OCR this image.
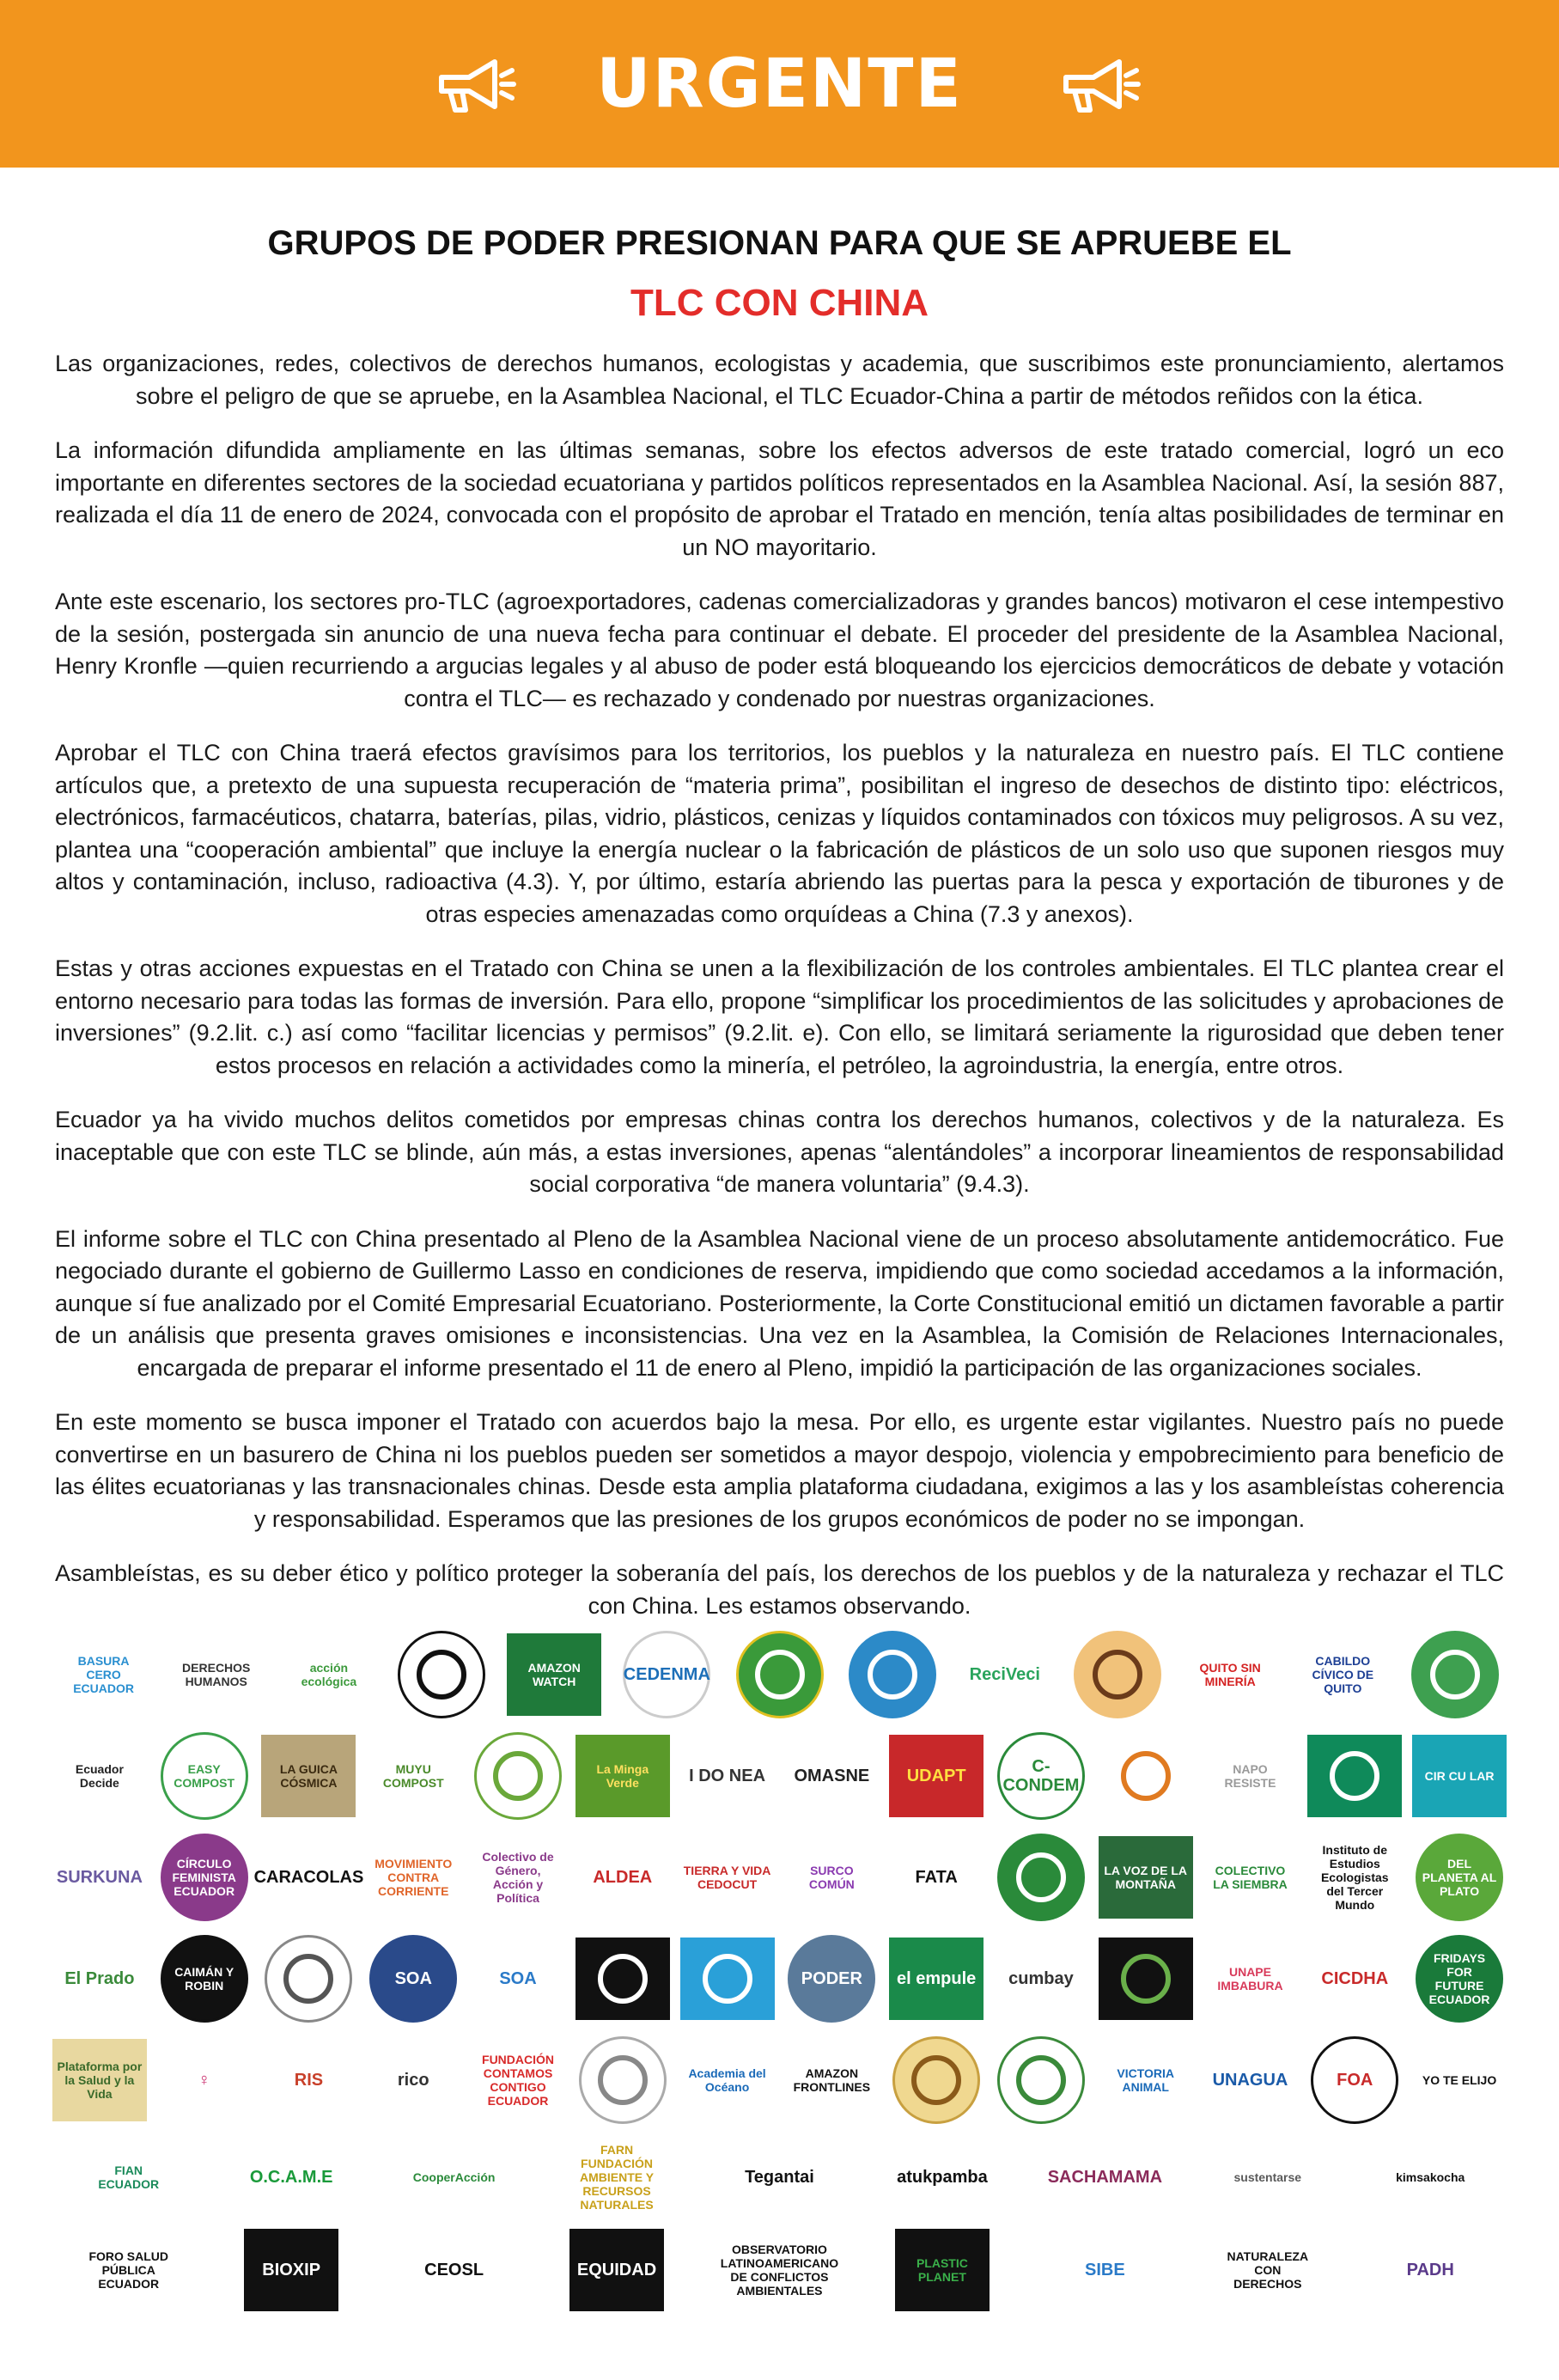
URGENTE
GRUPOS DE PODER PRESIONAN PARA QUE SE APRUEBE EL
TLC CON CHINA

Las organizaciones, redes, colectivos de derechos humanos, ecologistas y academia, que suscribimos este pronunciamiento, alertamos sobre el peligro de que se apruebe, en la Asamblea Nacional, el TLC Ecuador-China a partir de métodos reñidos con la ética.

La información difundida ampliamente en las últimas semanas, sobre los efectos adversos de este tratado comercial, logró un eco importante en diferentes sectores de la sociedad ecuatoriana y partidos políticos representados en la Asamblea Nacional. Así, la sesión 887, realizada el día 11 de enero de 2024, convocada con el propósito de aprobar el Tratado en mención, tenía altas posibilidades de terminar en un NO mayoritario.

Ante este escenario, los sectores pro-TLC (agroexportadores, cadenas comercializadoras y grandes bancos) motivaron el cese intempestivo de la sesión, postergada sin anuncio de una nueva fecha para continuar el debate. El proceder del presidente de la Asamblea Nacional, Henry Kronfle —quien recurriendo a argucias legales y al abuso de poder está bloqueando los ejercicios democráticos de debate y votación contra el TLC— es rechazado y condenado por nuestras organizaciones.

Aprobar el TLC con China traerá efectos gravísimos para los territorios, los pueblos y la naturaleza en nuestro país. El TLC contiene artículos que, a pretexto de una supuesta recuperación de “materia prima”, posibilitan el ingreso de desechos de distinto tipo: eléctricos, electrónicos, farmacéuticos, chatarra, baterías, pilas, vidrio, plásticos, cenizas y líquidos contaminados con tóxicos muy peligrosos. A su vez, plantea una “cooperación ambiental” que incluye la energía nuclear o la fabricación de plásticos de un solo uso que suponen riesgos muy altos y contaminación, incluso, radioactiva (4.3). Y, por último, estaría abriendo las puertas para la pesca y exportación de tiburones y de otras especies amenazadas como orquídeas a China (7.3 y anexos).

Estas y otras acciones expuestas en el Tratado con China se unen a la flexibilización de los controles ambientales. El TLC plantea crear el entorno necesario para todas las formas de inversión. Para ello, propone “simplificar los procedimientos de las solicitudes y aprobaciones de inversiones” (9.2.lit. c.) así como “facilitar licencias y permisos” (9.2.lit. e). Con ello, se limitará seriamente la rigurosidad que deben tener estos procesos en relación a actividades como la minería, el petróleo, la agroindustria, la energía, entre otros.

Ecuador ya ha vivido muchos delitos cometidos por empresas chinas contra los derechos humanos, colectivos y de la naturaleza. Es inaceptable que con este TLC se blinde, aún más, a estas inversiones, apenas “alentándoles” a incorporar lineamientos de responsabilidad social corporativa “de manera voluntaria” (9.4.3).

El informe sobre el TLC con China presentado al Pleno de la Asamblea Nacional viene de un proceso absolutamente antidemocrático. Fue negociado durante el gobierno de Guillermo Lasso en condiciones de reserva, impidiendo que como sociedad accedamos a la información, aunque sí fue analizado por el Comité Empresarial Ecuatoriano. Posteriormente, la Corte Constitucional emitió un dictamen favorable a partir de un análisis que presenta graves omisiones e inconsistencias. Una vez en la Asamblea, la Comisión de Relaciones Internacionales, encargada de preparar el informe presentado el 11 de enero al Pleno, impidió la participación de las organizaciones sociales.

En este momento se busca imponer el Tratado con acuerdos bajo la mesa. Por ello, es urgente estar vigilantes. Nuestro país no puede convertirse en un basurero de China ni los pueblos pueden ser sometidos a mayor despojo, violencia y empobrecimiento para beneficio de las élites ecuatorianas y las transnacionales chinas. Desde esta amplia plataforma ciudadana, exigimos a las y los asambleístas coherencia y responsabilidad. Esperamos que las presiones de los grupos económicos de poder no se impongan.

Asambleístas, es su deber ético y político proteger la soberanía del país, los derechos de los pueblos y de la naturaleza y rechazar el TLC con China. Les estamos observando.

BASURA CERO ECUADOR
DERECHOS HUMANOS
acción ecológica
AMAZON WATCH	CEDENMA	ReciVeci	QUITO SIN MINERÍA
CABILDO CÍVICO DE QUITO
Ecuador Decide
EASY COMPOST
LA GUICA CÓSMICA
MUYU COMPOST
La Minga Verde	I DO NEA OMASNE UDAPT	C-CONDEM
NAPO RESISTE	CIR CU LAR
SURKUNA
CÍRCULO FEMINISTA ECUADOR
CARACOLAS
MOVIMIENTO CONTRA CORRIENTE
Colectivo de Género, Acción y Política
ALDEA	TIERRA Y VIDA CEDOCUT
SURCO COMÚN	FATA	LA VOZ DE LA MONTAÑA
COLECTIVO LA SIEMBRA
Instituto de Estudios Ecologistas del Tercer Mundo
DEL PLANETA AL PLATO
El Prado	CAIMÁN Y ROBIN	SOA	SOA	PODER el empule cumbay	UNAPE IMBABURA	CICDHA
FRIDAYS FOR FUTURE ECUADOR
Plataforma por la Salud y la Vida
♀	RIS	rico
FUNDACIÓN CONTAMOS CONTIGO ECUADOR
Academia del Océano
AMAZON FRONTLINES
VICTORIA ANIMAL	UNAGUA	FOA	YO TE ELIJO
FIAN ECUADOR	O.C.A.M.E	CooperAcción
FARN FUNDACIÓN AMBIENTE Y RECURSOS NATURALES
Tegantai	atukpamba	SACHAMAMA	sustentarse	kimsakocha
FORO SALUD PÚBLICA ECUADOR
BIOXIP	CEOSL	EQUIDAD
OBSERVATORIO LATINOAMERICANO DE CONFLICTOS AMBIENTALES
PLASTIC PLANET	SIBE
NATURALEZA CON DERECHOS
PADH
